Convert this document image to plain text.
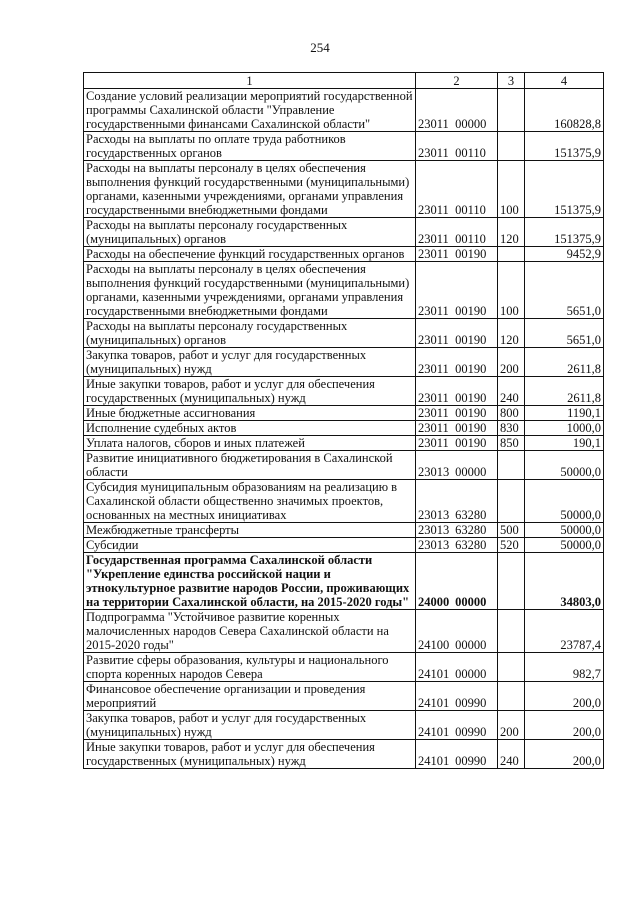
254
1	2	3	4
Создание условий реализации мероприятий государственной программы Сахалинской области "Управление государственными финансами Сахалинской области"	23011 00000		160828,8
Расходы на выплаты по оплате труда работников государственных органов	23011 00110		151375,9
Расходы на выплаты персоналу в целях обеспечения выполнения функций государственными (муниципальными) органами, казенными учреждениями, органами управления государственными внебюджетными фондами	23011 00110	100	151375,9
Расходы на выплаты персоналу государственных (муниципальных) органов	23011 00110	120	151375,9
Расходы на обеспечение функций государственных органов	23011 00190		9452,9
Расходы на выплаты персоналу в целях обеспечения выполнения функций государственными (муниципальными) органами, казенными учреждениями, органами управления государственными внебюджетными фондами	23011 00190	100	5651,0
Расходы на выплаты персоналу государственных (муниципальных) органов	23011 00190	120	5651,0
Закупка товаров, работ и услуг для государственных (муниципальных) нужд	23011 00190	200	2611,8
Иные закупки товаров, работ и услуг для обеспечения государственных (муниципальных) нужд	23011 00190	240	2611,8
Иные бюджетные ассигнования	23011 00190	800	1190,1
Исполнение судебных актов	23011 00190	830	1000,0
Уплата налогов, сборов и иных платежей	23011 00190	850	190,1
Развитие инициативного бюджетирования в Сахалинской области	23013 00000		50000,0
Субсидия муниципальным образованиям на реализацию в Сахалинской области общественно значимых проектов, основанных на местных инициативах	23013 63280		50000,0
Межбюджетные трансферты	23013 63280	500	50000,0
Субсидии	23013 63280	520	50000,0
Государственная программа Сахалинской области "Укрепление единства российской нации и этнокультурное развитие народов России, проживающих на территории Сахалинской области, на 2015-2020 годы"	24000 00000		34803,0
Подпрограмма "Устойчивое развитие коренных малочисленных народов Севера Сахалинской области на 2015-2020 годы"	24100 00000		23787,4
Развитие сферы образования, культуры и национального спорта коренных народов Севера	24101 00000		982,7
Финансовое обеспечение организации и проведения мероприятий	24101 00990		200,0
Закупка товаров, работ и услуг для государственных (муниципальных) нужд	24101 00990	200	200,0
Иные закупки товаров, работ и услуг для обеспечения государственных (муниципальных) нужд	24101 00990	240	200,0
